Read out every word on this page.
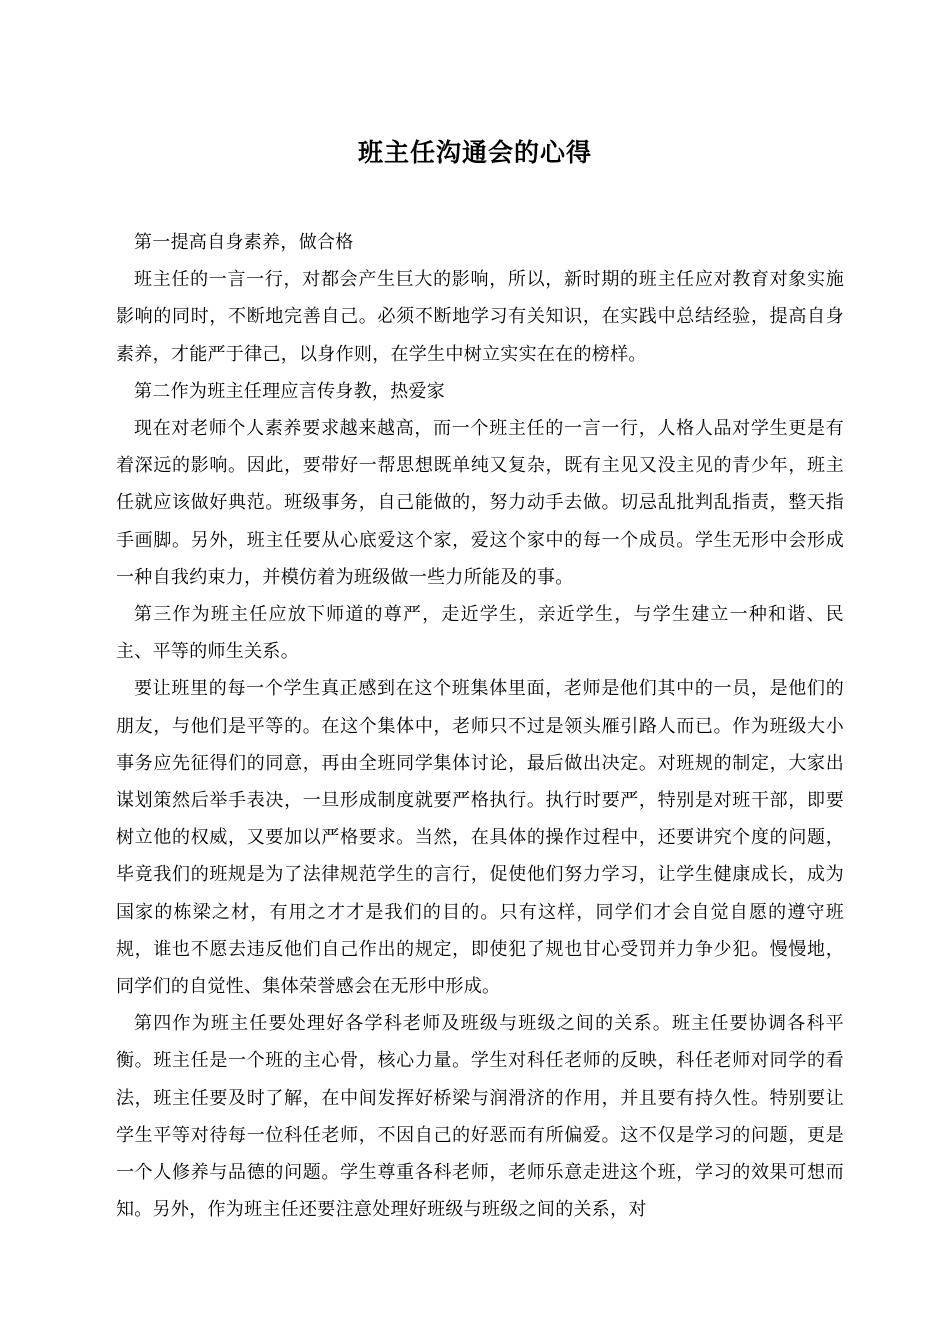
班主任沟通会的心得

第一提高自身素养，做合格

班主任的一言一行，对都会产生巨大的影响，所以，新时期的班主任应对教育对象实施影响的同时，不断地完善自己。必须不断地学习有关知识，在实践中总结经验，提高自身素养，才能严于律己，以身作则，在学生中树立实实在在的榜样。

第二作为班主任理应言传身教，热爱家

现在对老师个人素养要求越来越高，而一个班主任的一言一行，人格人品对学生更是有着深远的影响。因此，要带好一帮思想既单纯又复杂，既有主见又没主见的青少年，班主任就应该做好典范。班级事务，自己能做的，努力动手去做。切忌乱批判乱指责，整天指手画脚。另外，班主任要从心底爱这个家，爱这个家中的每一个成员。学生无形中会形成一种自我约束力，并模仿着为班级做一些力所能及的事。

第三作为班主任应放下师道的尊严，走近学生，亲近学生，与学生建立一种和谐、民主、平等的师生关系。

要让班里的每一个学生真正感到在这个班集体里面，老师是他们其中的一员，是他们的朋友，与他们是平等的。在这个集体中，老师只不过是领头雁引路人而已。作为班级大小事务应先征得们的同意，再由全班同学集体讨论，最后做出决定。对班规的制定，大家出谋划策然后举手表决，一旦形成制度就要严格执行。执行时要严，特别是对班干部，即要树立他的权威，又要加以严格要求。当然，在具体的操作过程中，还要讲究个度的问题，毕竟我们的班规是为了法律规范学生的言行，促使他们努力学习，让学生健康成长，成为国家的栋梁之材，有用之才才是我们的目的。只有这样，同学们才会自觉自愿的遵守班规，谁也不愿去违反他们自己作出的规定，即使犯了规也甘心受罚并力争少犯。慢慢地，同学们的自觉性、集体荣誉感会在无形中形成。

第四作为班主任要处理好各学科老师及班级与班级之间的关系。班主任要协调各科平衡。班主任是一个班的主心骨，核心力量。学生对科任老师的反映，科任老师对同学的看法，班主任要及时了解，在中间发挥好桥梁与润滑济的作用，并且要有持久性。特别要让学生平等对待每一位科任老师，不因自己的好恶而有所偏爱。这不仅是学习的问题，更是一个人修养与品德的问题。学生尊重各科老师，老师乐意走进这个班，学习的效果可想而知。另外，作为班主任还要注意处理好班级与班级之间的关系，对
